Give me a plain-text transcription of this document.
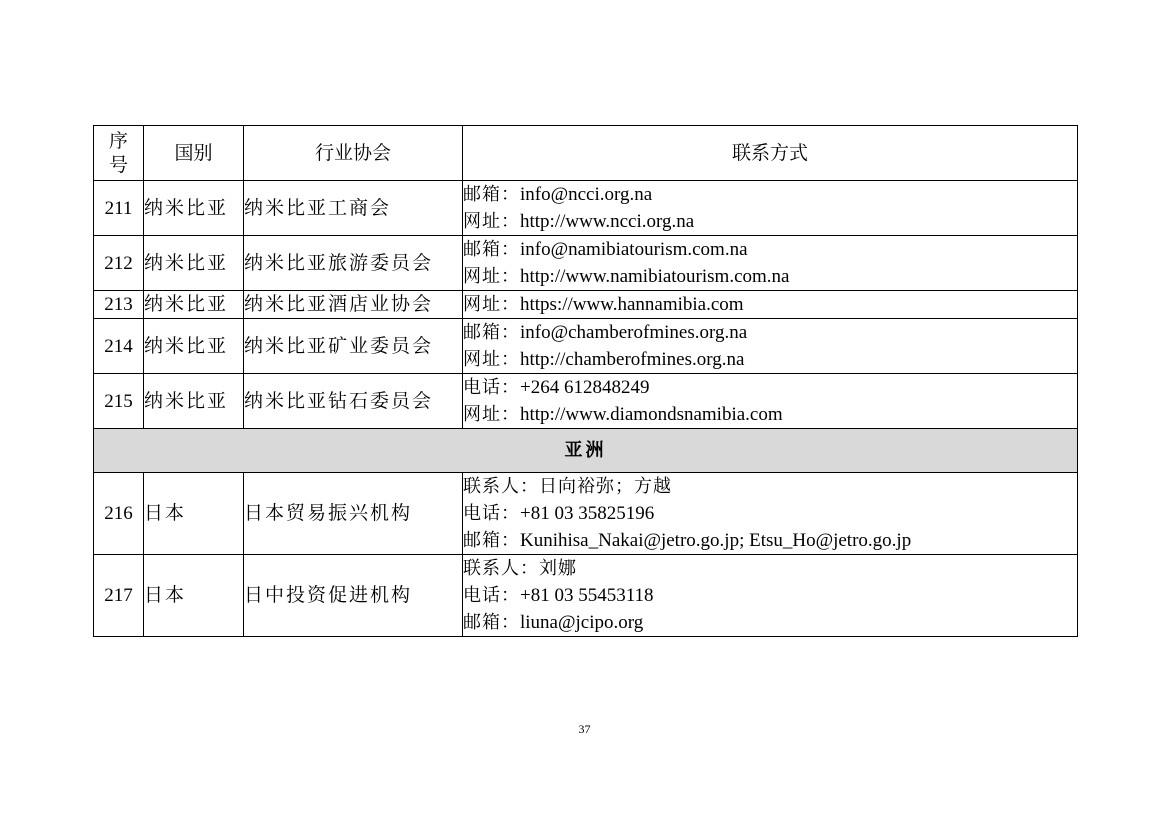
序
号	国别	行业协会	联系方式
211	纳米比亚	纳米比亚工商会	邮箱：info@ncci.org.na
网址：http://www.ncci.org.na

212	纳米比亚	纳米比亚旅游委员会	邮箱：info@namibiatourism.com.na
网址：http://www.namibiatourism.com.na

213	纳米比亚	纳米比亚酒店业协会	网址：https://www.hannamibia.com

214	纳米比亚	纳米比亚矿业委员会	邮箱：info@chamberofmines.org.na
网址：http://chamberofmines.org.na

215	纳米比亚	纳米比亚钻石委员会	电话：+264 612848249
网址：http://www.diamondsnamibia.com

亚洲			
216	日本	日本贸易振兴机构	联系人：日向裕弥；方越
电话：+81 03 35825196
邮箱：Kunihisa_Nakai@jetro.go.jp; Etsu_Ho@jetro.go.jp

217	日本	日中投资促进机构	联系人：刘娜
电话：+81 03 55453118
邮箱：liuna@jcipo.org
37
